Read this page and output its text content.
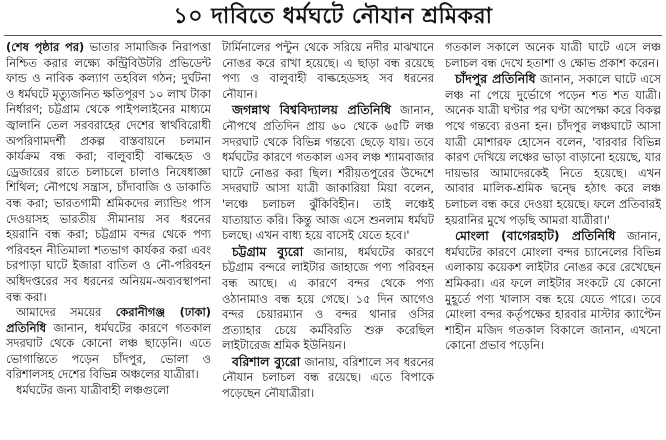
১০ দাবিতে ধর্মঘটে নৌযান শ্রমিকরা

(শেষ পৃষ্ঠার পর) ভাতার সামাজিক নিরাপত্তা নিশ্চিত করার লক্ষ্যে কন্ট্রিবিউটরি প্রভিডেন্ট ফান্ড ও নাবিক কল্যাণ তহবিল গঠন; দুর্ঘটনা ও ধর্মঘটে মৃত্যুজনিত ক্ষতিপূরণ ১০ লাখ টাকা নির্ধারণ; চট্টগ্রাম থেকে পাইপলাইনের মাধ্যমে জ্বালানি তেল সরবরাহের দেশের স্বার্থবিরোধী অপরিণামদর্শী প্রকল্প বাস্তবায়নে চলমান কার্যক্রম বন্ধ করা; বালুবাহী বাল্কহেড ও ড্রেজারের রাতে চলাচলে চালাও নিষেধাজ্ঞা শিথিল; নৌপথে সন্ত্রাস, চাঁদাবাজি ও ডাকাতি বন্ধ করা; ভারতগামী শ্রমিকদের ল্যান্ডিং পাস দেওয়াসহ ভারতীয় সীমানায় সব ধরনের হয়রানি বন্ধ করা; চট্টগ্রাম বন্দর থেকে পণ্য পরিবহন নীতিমালা শতভাগ কার্যকর করা এবং চরপাড়া ঘাটে ইজারা বাতিল ও নৌ-পরিবহন অধিদপ্তরের সব ধরনের অনিয়ম-অব্যবস্থাপনা বন্ধ করা।

আমাদের সময়ের কেরানীগঞ্জ (ঢাকা) প্রতিনিধি জানান, ধর্মঘটের কারণে গতকাল সদরঘাট থেকে কোনো লঞ্চ ছাড়েনি। এতে ভোগান্তিতে পড়েন চাঁদপুর, ভোলা ও বরিশালসহ দেশের বিভিন্ন অঞ্চলের যাত্রীরা।

ধর্মঘটের জন্য যাত্রীবাহী লঞ্চগুলো

টার্মিনালের পন্টুন থেকে সরিয়ে নদীর মাঝখানে নোঙর করে রাখা হয়েছে। এ ছাড়া বন্ধ রয়েছে পণ্য ও বালুবাহী বাল্কহেডসহ সব ধরনের নৌযান।

জগন্নাথ বিশ্ববিদ্যালয় প্রতিনিধি জানান, নৌপথে প্রতিদিন প্রায় ৬০ থেকে ৬৫টি লঞ্চ সদরঘাট থেকে বিভিন্ন গন্তব্যে ছেড়ে যায়। তবে ধর্মঘটের কারণে গতকাল এসব লঞ্চ শ্যামবাজার ঘাটে নোঙর করা ছিল। শরীয়তপুরের উদ্দেশে সদরঘাট আসা যাত্রী জাকারিয়া মিয়া বলেন, 'লঞ্চে চলাচল ঝুঁকিবিহীন। তাই লঞ্চেই যাতায়াত করি। কিন্তু আজ এসে শুনলাম ধর্মঘট চলছে। এখন বাধ্য হয়ে বাসেই যেতে হবে।'

চট্টগ্রাম ব্যুরো জানায়, ধর্মঘটের কারণে চট্টগ্রাম বন্দরে লাইটার জাহাজে পণ্য পরিবহন বন্ধ আছে। এ কারণে বন্দর থেকে পণ্য ওঠানামাও বন্ধ হয়ে গেছে। ১৫ দিন আগেও বন্দর চেয়ারম্যান ও বন্দর থানার ওসির প্রত্যাহার চেয়ে কর্মবিরতি শুরু করেছিল লাইটারেজ শ্রমিক ইউনিয়ন।

বরিশাল ব্যুরো জানায়, বরিশালে সব ধরনের নৌযান চলাচল বন্ধ রয়েছে। এতে বিপাকে পড়েছেন নৌযাত্রীরা।

গতকাল সকালে অনেক যাত্রী ঘাটে এসে লঞ্চ চলাচল বন্ধ দেখে হতাশা ও ক্ষোভ প্রকাশ করেন।

চাঁদপুর প্রতিনিধি জানান, সকালে ঘাটে এসে লঞ্চ না পেয়ে দুর্ভোগে পড়েন শত শত যাত্রী। অনেক যাত্রী ঘণ্টার পর ঘণ্টা অপেক্ষা করে বিকল্প পথে গন্তব্যে রওনা হন। চাঁদপুর লঞ্চঘাটে আসা যাত্রী মোশারফ হোসেন বলেন, 'বারবার বিভিন্ন কারণ দেখিয়ে লঞ্চের ভাড়া বাড়ানো হয়েছে, যার দায়ভার আমাদেরকেই নিতে হয়েছে। এখন আবার মালিক-শ্রমিক দ্বন্দ্বে হঠাৎ করে লঞ্চ চলাচল বন্ধ করে দেওয়া হয়েছে। ফলে প্রতিবারই হয়রানির মুখে পড়ছি আমরা যাত্রীরা।'

মোংলা (বাগেরহাট) প্রতিনিধি জানান, ধর্মঘটের কারণে মোংলা বন্দর চ্যানেলের বিভিন্ন এলাকায় কয়েকশ লাইটার নোঙর করে রেখেছেন শ্রমিকরা। এর ফলে লাইটার সংকটে যে কোনো মুহূর্তে পণ্য খালাস বন্ধ হয়ে যেতে পারে। তবে মোংলা বন্দর কর্তৃপক্ষের হারবার মাস্টার ক্যাপ্টেন শাহীন মজিদ গতকাল বিকালে জানান, এখনো কোনো প্রভাব পড়েনি।
